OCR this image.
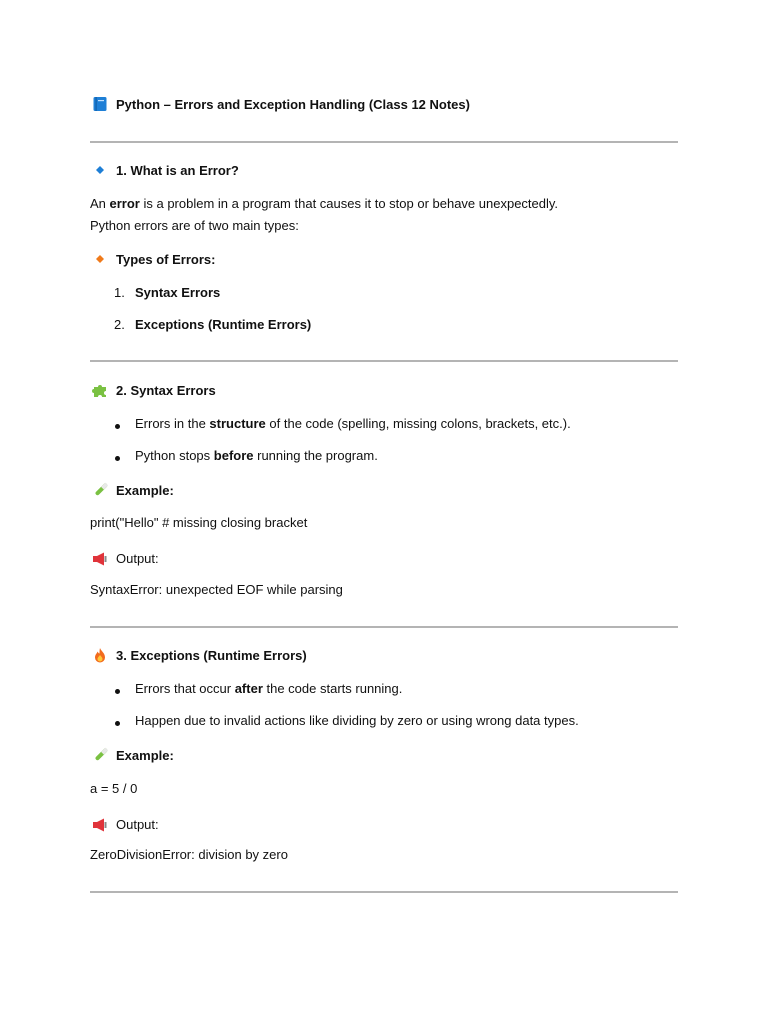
Python – Errors and Exception Handling (Class 12 Notes)
1. What is an Error?
An error is a problem in a program that causes it to stop or behave unexpectedly.
Python errors are of two main types:
Types of Errors:
1. Syntax Errors
2. Exceptions (Runtime Errors)
2. Syntax Errors
Errors in the structure of the code (spelling, missing colons, brackets, etc.).
Python stops before running the program.
Example:
print("Hello" # missing closing bracket
Output:
SyntaxError: unexpected EOF while parsing
3. Exceptions (Runtime Errors)
Errors that occur after the code starts running.
Happen due to invalid actions like dividing by zero or using wrong data types.
Example:
a = 5 / 0
Output:
ZeroDivisionError: division by zero
